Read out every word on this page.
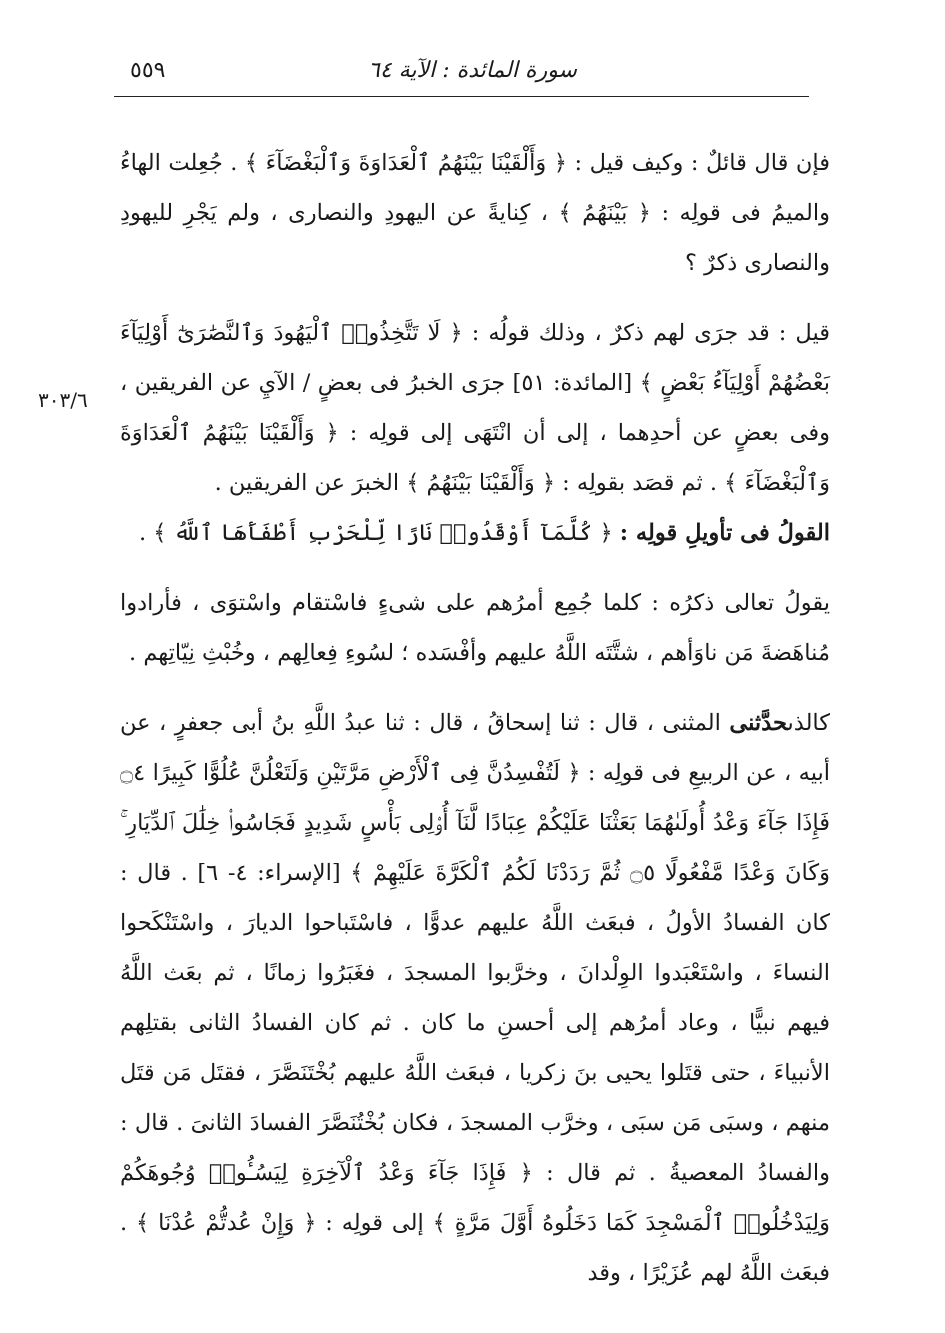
سورة المائدة : الآية ٦٤
٥٥٩
٣٠٣/٦

فإن قال قائلٌ : وكيف قيل : ﴿ وَأَلْقَيْنَا بَيْنَهُمُ ٱلْعَدَاوَةَ وَٱلْبَغْضَآءَ ﴾ . جُعِلت الهاءُ والميمُ فى قولِه : ﴿ بَيْنَهُمُ ﴾ ، كِنايةً عن اليهودِ والنصارى ، ولم يَجْرِ لليهودِ والنصارى ذكرٌ ؟

قيل : قد جرَى لهم ذكرٌ ، وذلك قولُه : ﴿ لَا تَتَّخِذُوا۟ ٱلْيَهُودَ وَٱلنَّصَٰرَىٰٓ أَوْلِيَآءَ بَعْضُهُمْ أَوْلِيَآءُ بَعْضٍ ﴾ [المائدة: ٥١] جرَى الخبرُ فى بعضٍ / الآيِ عن الفريقين ، وفى بعضٍ عن أحدِهما ، إلى أن انْتَهَى إلى قولِه : ﴿ وَأَلْقَيْنَا بَيْنَهُمُ ٱلْعَدَاوَةَ وَٱلْبَغْضَآءَ ﴾ . ثم قصَد بقولِه : ﴿ وَأَلْقَيْنَا بَيْنَهُمُ ﴾ الخبرَ عن الفريقين .

القولُ فى تأويلِ قولِه : ﴿ كُلَّمَآ أَوْقَدُوا۟ نَارًا لِّلْحَرْبِ أَطْفَأَهَا ٱللَّهُ ﴾ .

يقولُ تعالى ذكرُه : كلما جُمِع أمرُهم على شىءٍ فاسْتقام واسْتوَى ، فأرادوا مُناهَضةَ مَن ناوَأهم ، شتَّتَه اللَّهُ عليهم وأفْسَده ؛ لسُوءِ فِعالِهم ، وخُبْثِ نِيّاتِهم .

كالذىحدَّثنى المثنى ، قال : ثنا إسحاقُ ، قال : ثنا عبدُ اللَّهِ بنُ أبى جعفرٍ ، عن أبيه ، عن الربيعِ فى قولِه : ﴿ لَتُفْسِدُنَّ فِى ٱلْأَرْضِ مَرَّتَيْنِ وَلَتَعْلُنَّ عُلُوًّا كَبِيرًا ۝٤ فَإِذَا جَآءَ وَعْدُ أُولَىٰهُمَا بَعَثْنَا عَلَيْكُمْ عِبَادًا لَّنَآ أُو۟لِى بَأْسٍ شَدِيدٍ فَجَاسُوا۟ خِلَٰلَ ٱلدِّيَارِ ۚ وَكَانَ وَعْدًا مَّفْعُولًا ۝٥ ثُمَّ رَدَدْنَا لَكُمُ ٱلْكَرَّةَ عَلَيْهِمْ ﴾ [الإسراء: ٤- ٦] . قال : كان الفسادُ الأولُ ، فبعَث اللَّهُ عليهم عدوًّا ، فاسْتَباحوا الديارَ ، واسْتَنْكَحوا النساءَ ، واسْتَعْبَدوا الوِلْدانَ ، وخرَّبوا المسجدَ ، فغَبَرُوا زمانًا ، ثم بعَث اللَّهُ فيهم نبيًّا ، وعاد أمرُهم إلى أحسنِ ما كان . ثم كان الفسادُ الثانى بقتلِهم الأنبياءَ ، حتى قتَلوا يحيى بنَ زكريا ، فبعَث اللَّهُ عليهم بُخْتَنَصَّرَ ، فقتَل مَن قتَل منهم ، وسبَى مَن سبَى ، وخرَّب المسجدَ ، فكان بُخْتُنَصَّرَ الفسادَ الثانىَ . قال : والفسادُ المعصيةُ . ثم قال : ﴿ فَإِذَا جَآءَ وَعْدُ ٱلْآخِرَةِ لِيَسُـُٔوا۟ وُجُوهَكُمْ وَلِيَدْخُلُوا۟ ٱلْمَسْجِدَ كَمَا دَخَلُوهُ أَوَّلَ مَرَّةٍ ﴾ إلى قولِه : ﴿ وَإِنْ عُدتُّمْ عُدْنَا ﴾ . فبعَث اللَّهُ لهم عُزَيْرًا ، وقد
